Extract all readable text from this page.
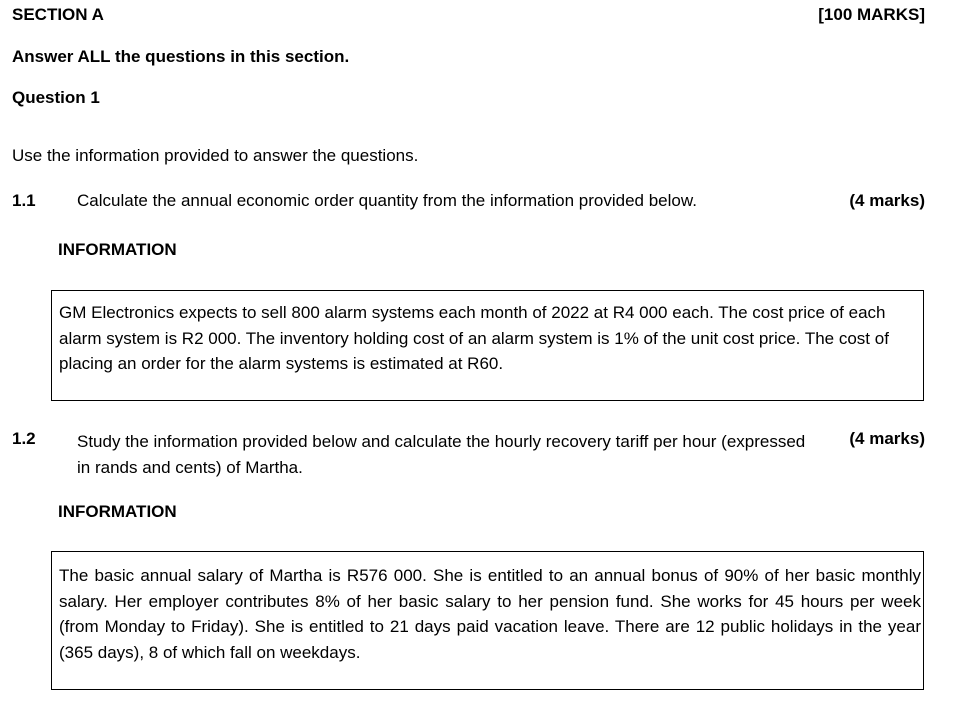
SECTION A	[100 MARKS]
Answer ALL the questions in this section.
Question 1
Use the information provided to answer the questions.
1.1 Calculate the annual economic order quantity from the information provided below.	(4 marks)
INFORMATION
GM Electronics expects to sell 800 alarm systems each month of 2022 at R4 000 each. The cost price of each alarm system is R2 000. The inventory holding cost of an alarm system is 1% of the unit cost price. The cost of placing an order for the alarm systems is estimated at R60.
1.2 Study the information provided below and calculate the hourly recovery tariff per hour (expressed in rands and cents) of Martha.
(4 marks)
INFORMATION
The basic annual salary of Martha is R576 000. She is entitled to an annual bonus of 90% of her basic monthly salary. Her employer contributes 8% of her basic salary to her pension fund. She works for 45 hours per week (from Monday to Friday). She is entitled to 21 days paid vacation leave. There are 12 public holidays in the year (365 days), 8 of which fall on weekdays.
